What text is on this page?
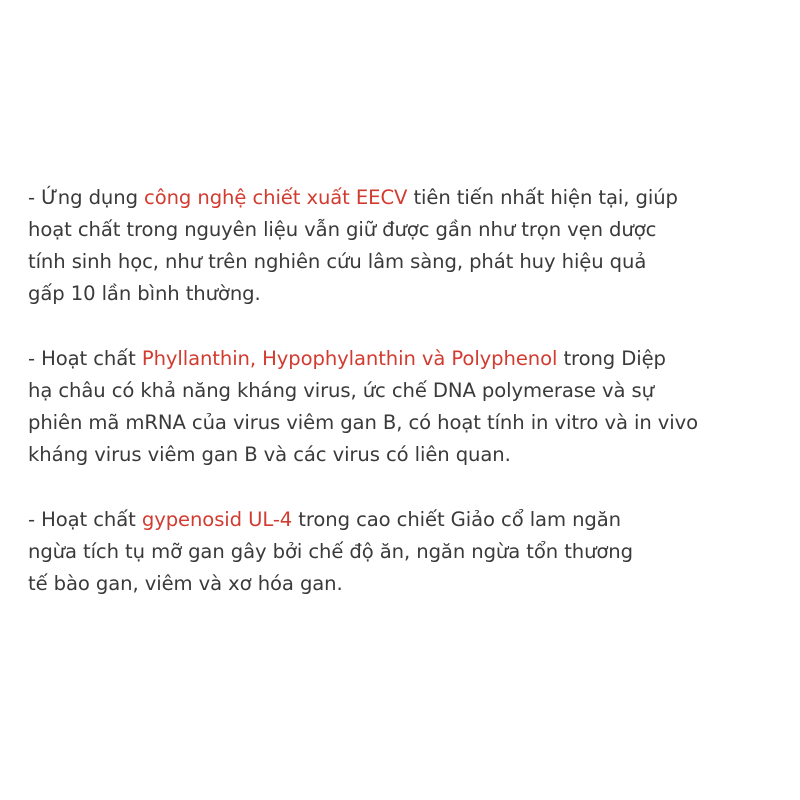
- Ứng dụng công nghệ chiết xuất EECV tiên tiến nhất hiện tại, giúp
hoạt chất trong nguyên liệu vẫn giữ được gần như trọn vẹn dược
tính sinh học, như trên nghiên cứu lâm sàng, phát huy hiệu quả
gấp 10 lần bình thường.
- Hoạt chất Phyllanthin, Hypophylanthin và Polyphenol trong Diệp
hạ châu có khả năng kháng virus, ức chế DNA polymerase và sự
phiên mã mRNA của virus viêm gan B, có hoạt tính in vitro và in vivo
kháng virus viêm gan B và các virus có liên quan.
- Hoạt chất gypenosid UL-4 trong cao chiết Giảo cổ lam ngăn
ngừa tích tụ mỡ gan gây bởi chế độ ăn, ngăn ngừa tổn thương
tế bào gan, viêm và xơ hóa gan.
